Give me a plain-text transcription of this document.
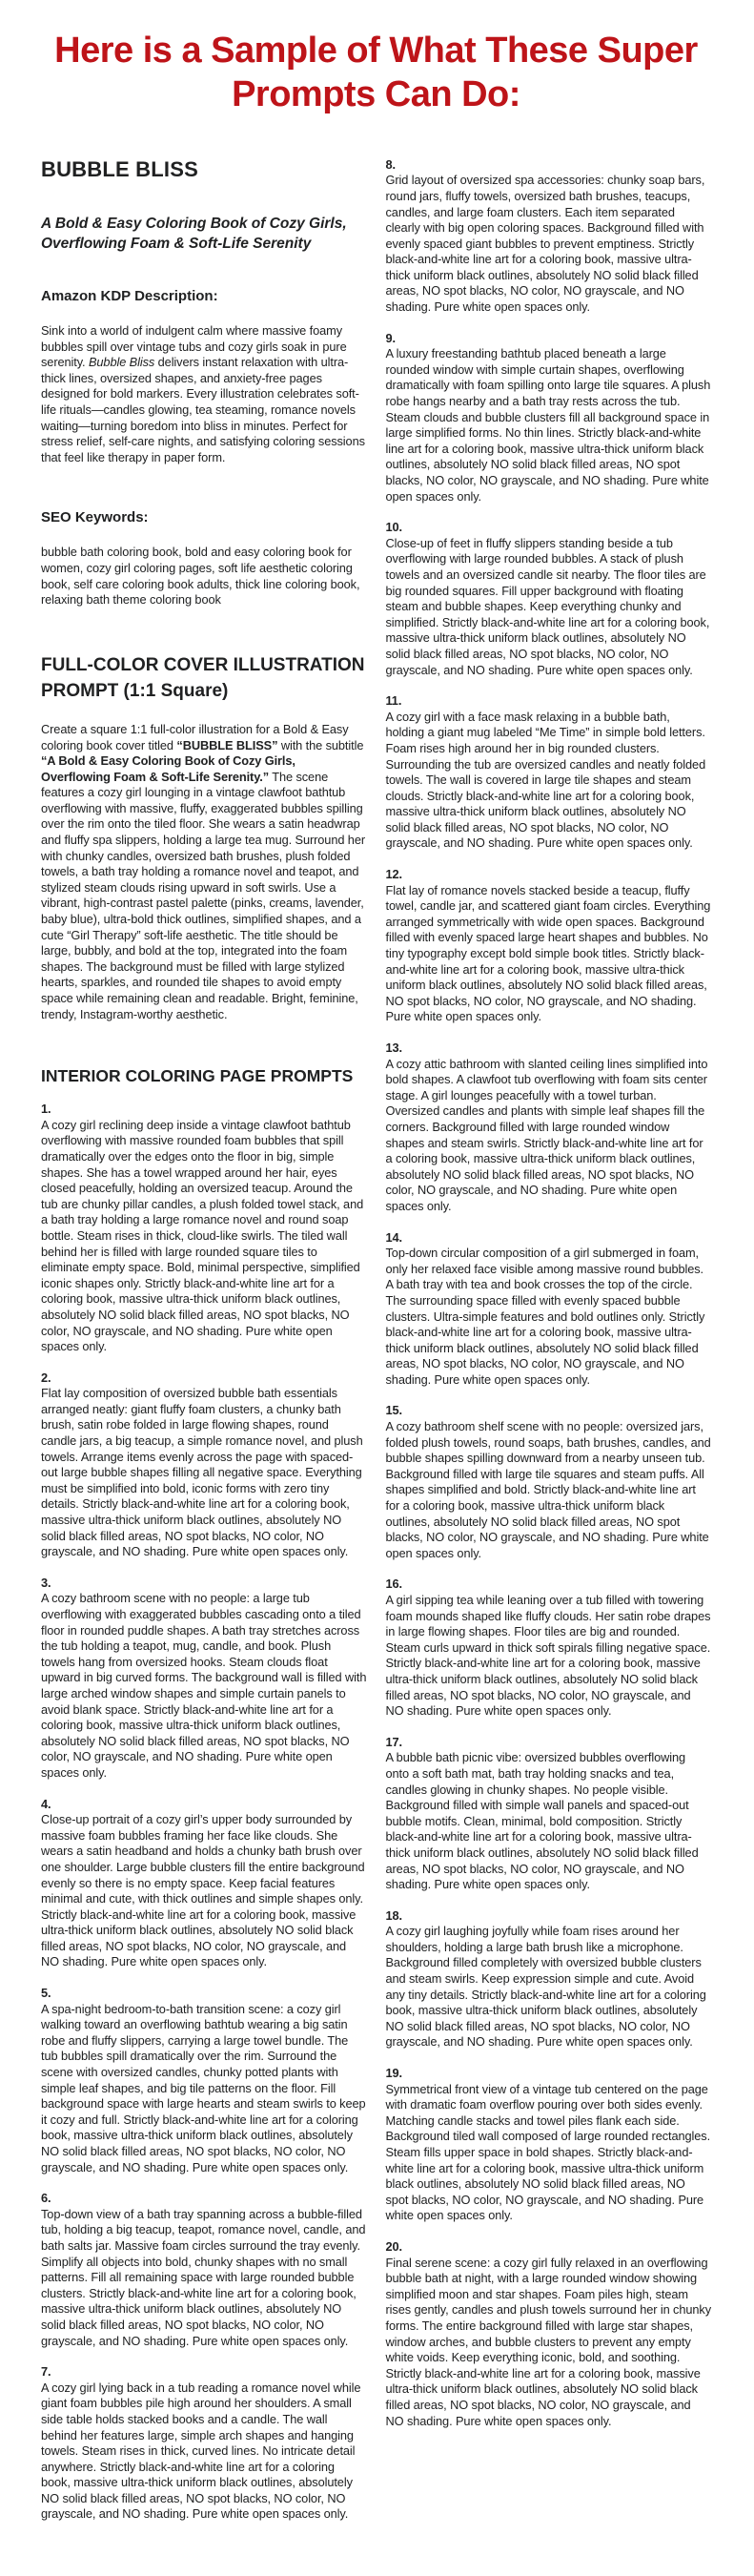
Here is a Sample of What These Super Prompts Can Do:
BUBBLE BLISS
A Bold & Easy Coloring Book of Cozy Girls, Overflowing Foam & Soft-Life Serenity
Amazon KDP Description:

Sink into a world of indulgent calm where massive foamy bubbles spill over vintage tubs and cozy girls soak in pure serenity. Bubble Bliss delivers instant relaxation with ultra-thick lines, oversized shapes, and anxiety-free pages designed for bold markers. Every illustration celebrates soft-life rituals—candles glowing, tea steaming, romance novels waiting—turning boredom into bliss in minutes. Perfect for stress relief, self-care nights, and satisfying coloring sessions that feel like therapy in paper form.

SEO Keywords:

bubble bath coloring book, bold and easy coloring book for women, cozy girl coloring pages, soft life aesthetic coloring book, self care coloring book adults, thick line coloring book, relaxing bath theme coloring book

FULL-COLOR COVER ILLUSTRATION PROMPT (1:1 Square)

Create a square 1:1 full-color illustration for a Bold & Easy coloring book cover titled “BUBBLE BLISS” with the subtitle “A Bold & Easy Coloring Book of Cozy Girls, Overflowing Foam & Soft-Life Serenity.” The scene features a cozy girl lounging in a vintage clawfoot bathtub overflowing with massive, fluffy, exaggerated bubbles spilling over the rim onto the tiled floor. She wears a satin headwrap and fluffy spa slippers, holding a large tea mug. Surround her with chunky candles, oversized bath brushes, plush folded towels, a bath tray holding a romance novel and teapot, and stylized steam clouds rising upward in soft swirls. Use a vibrant, high-contrast pastel palette (pinks, creams, lavender, baby blue), ultra-bold thick outlines, simplified shapes, and a cute “Girl Therapy” soft-life aesthetic. The title should be large, bubbly, and bold at the top, integrated into the foam shapes. The background must be filled with large stylized hearts, sparkles, and rounded tile shapes to avoid empty space while remaining clean and readable. Bright, feminine, trendy, Instagram-worthy aesthetic.

INTERIOR COLORING PAGE PROMPTS
1.
A cozy girl reclining deep inside a vintage clawfoot bathtub overflowing with massive rounded foam bubbles that spill dramatically over the edges onto the floor in big, simple shapes. She has a towel wrapped around her hair, eyes closed peacefully, holding an oversized teacup. Around the tub are chunky pillar candles, a plush folded towel stack, and a bath tray holding a large romance novel and round soap bottle. Steam rises in thick, cloud-like swirls. The tiled wall behind her is filled with large rounded square tiles to eliminate empty space. Bold, minimal perspective, simplified iconic shapes only. Strictly black-and-white line art for a coloring book, massive ultra-thick uniform black outlines, absolutely NO solid black filled areas, NO spot blacks, NO color, NO grayscale, and NO shading. Pure white open spaces only.
2.
Flat lay composition of oversized bubble bath essentials arranged neatly: giant fluffy foam clusters, a chunky bath brush, satin robe folded in large flowing shapes, round candle jars, a big teacup, a simple romance novel, and plush towels. Arrange items evenly across the page with spaced-out large bubble shapes filling all negative space. Everything must be simplified into bold, iconic forms with zero tiny details. Strictly black-and-white line art for a coloring book, massive ultra-thick uniform black outlines, absolutely NO solid black filled areas, NO spot blacks, NO color, NO grayscale, and NO shading. Pure white open spaces only.
3.
A cozy bathroom scene with no people: a large tub overflowing with exaggerated bubbles cascading onto a tiled floor in rounded puddle shapes. A bath tray stretches across the tub holding a teapot, mug, candle, and book. Plush towels hang from oversized hooks. Steam clouds float upward in big curved forms. The background wall is filled with large arched window shapes and simple curtain panels to avoid blank space. Strictly black-and-white line art for a coloring book, massive ultra-thick uniform black outlines, absolutely NO solid black filled areas, NO spot blacks, NO color, NO grayscale, and NO shading. Pure white open spaces only.
4.
Close-up portrait of a cozy girl’s upper body surrounded by massive foam bubbles framing her face like clouds. She wears a satin headband and holds a chunky bath brush over one shoulder. Large bubble clusters fill the entire background evenly so there is no empty space. Keep facial features minimal and cute, with thick outlines and simple shapes only. Strictly black-and-white line art for a coloring book, massive ultra-thick uniform black outlines, absolutely NO solid black filled areas, NO spot blacks, NO color, NO grayscale, and NO shading. Pure white open spaces only.
5.
A spa-night bedroom-to-bath transition scene: a cozy girl walking toward an overflowing bathtub wearing a big satin robe and fluffy slippers, carrying a large towel bundle. The tub bubbles spill dramatically over the rim. Surround the scene with oversized candles, chunky potted plants with simple leaf shapes, and big tile patterns on the floor. Fill background space with large hearts and steam swirls to keep it cozy and full. Strictly black-and-white line art for a coloring book, massive ultra-thick uniform black outlines, absolutely NO solid black filled areas, NO spot blacks, NO color, NO grayscale, and NO shading. Pure white open spaces only.
6.
Top-down view of a bath tray spanning across a bubble-filled tub, holding a big teacup, teapot, romance novel, candle, and bath salts jar. Massive foam circles surround the tray evenly. Simplify all objects into bold, chunky shapes with no small patterns. Fill all remaining space with large rounded bubble clusters. Strictly black-and-white line art for a coloring book, massive ultra-thick uniform black outlines, absolutely NO solid black filled areas, NO spot blacks, NO color, NO grayscale, and NO shading. Pure white open spaces only.
7.
A cozy girl lying back in a tub reading a romance novel while giant foam bubbles pile high around her shoulders. A small side table holds stacked books and a candle. The wall behind her features large, simple arch shapes and hanging towels. Steam rises in thick, curved lines. No intricate detail anywhere. Strictly black-and-white line art for a coloring book, massive ultra-thick uniform black outlines, absolutely NO solid black filled areas, NO spot blacks, NO color, NO grayscale, and NO shading. Pure white open spaces only.
8.
Grid layout of oversized spa accessories: chunky soap bars, round jars, fluffy towels, oversized bath brushes, teacups, candles, and large foam clusters. Each item separated clearly with big open coloring spaces. Background filled with evenly spaced giant bubbles to prevent emptiness. Strictly black-and-white line art for a coloring book, massive ultra-thick uniform black outlines, absolutely NO solid black filled areas, NO spot blacks, NO color, NO grayscale, and NO shading. Pure white open spaces only.
9.
A luxury freestanding bathtub placed beneath a large rounded window with simple curtain shapes, overflowing dramatically with foam spilling onto large tile squares. A plush robe hangs nearby and a bath tray rests across the tub. Steam clouds and bubble clusters fill all background space in large simplified forms. No thin lines. Strictly black-and-white line art for a coloring book, massive ultra-thick uniform black outlines, absolutely NO solid black filled areas, NO spot blacks, NO color, NO grayscale, and NO shading. Pure white open spaces only.
10.
Close-up of feet in fluffy slippers standing beside a tub overflowing with large rounded bubbles. A stack of plush towels and an oversized candle sit nearby. The floor tiles are big rounded squares. Fill upper background with floating steam and bubble shapes. Keep everything chunky and simplified. Strictly black-and-white line art for a coloring book, massive ultra-thick uniform black outlines, absolutely NO solid black filled areas, NO spot blacks, NO color, NO grayscale, and NO shading. Pure white open spaces only.
11.
A cozy girl with a face mask relaxing in a bubble bath, holding a giant mug labeled “Me Time” in simple bold letters. Foam rises high around her in big rounded clusters. Surrounding the tub are oversized candles and neatly folded towels. The wall is covered in large tile shapes and steam clouds. Strictly black-and-white line art for a coloring book, massive ultra-thick uniform black outlines, absolutely NO solid black filled areas, NO spot blacks, NO color, NO grayscale, and NO shading. Pure white open spaces only.
12.
Flat lay of romance novels stacked beside a teacup, fluffy towel, candle jar, and scattered giant foam circles. Everything arranged symmetrically with wide open spaces. Background filled with evenly spaced large heart shapes and bubbles. No tiny typography except bold simple book titles. Strictly black-and-white line art for a coloring book, massive ultra-thick uniform black outlines, absolutely NO solid black filled areas, NO spot blacks, NO color, NO grayscale, and NO shading. Pure white open spaces only.
13.
A cozy attic bathroom with slanted ceiling lines simplified into bold shapes. A clawfoot tub overflowing with foam sits center stage. A girl lounges peacefully with a towel turban. Oversized candles and plants with simple leaf shapes fill the corners. Background filled with large rounded window shapes and steam swirls. Strictly black-and-white line art for a coloring book, massive ultra-thick uniform black outlines, absolutely NO solid black filled areas, NO spot blacks, NO color, NO grayscale, and NO shading. Pure white open spaces only.
14.
Top-down circular composition of a girl submerged in foam, only her relaxed face visible among massive round bubbles. A bath tray with tea and book crosses the top of the circle. The surrounding space filled with evenly spaced bubble clusters. Ultra-simple features and bold outlines only. Strictly black-and-white line art for a coloring book, massive ultra-thick uniform black outlines, absolutely NO solid black filled areas, NO spot blacks, NO color, NO grayscale, and NO shading. Pure white open spaces only.
15.
A cozy bathroom shelf scene with no people: oversized jars, folded plush towels, round soaps, bath brushes, candles, and bubble shapes spilling downward from a nearby unseen tub. Background filled with large tile squares and steam puffs. All shapes simplified and bold. Strictly black-and-white line art for a coloring book, massive ultra-thick uniform black outlines, absolutely NO solid black filled areas, NO spot blacks, NO color, NO grayscale, and NO shading. Pure white open spaces only.
16.
A girl sipping tea while leaning over a tub filled with towering foam mounds shaped like fluffy clouds. Her satin robe drapes in large flowing shapes. Floor tiles are big and rounded. Steam curls upward in thick soft spirals filling negative space. Strictly black-and-white line art for a coloring book, massive ultra-thick uniform black outlines, absolutely NO solid black filled areas, NO spot blacks, NO color, NO grayscale, and NO shading. Pure white open spaces only.
17.
A bubble bath picnic vibe: oversized bubbles overflowing onto a soft bath mat, bath tray holding snacks and tea, candles glowing in chunky shapes. No people visible. Background filled with simple wall panels and spaced-out bubble motifs. Clean, minimal, bold composition. Strictly black-and-white line art for a coloring book, massive ultra-thick uniform black outlines, absolutely NO solid black filled areas, NO spot blacks, NO color, NO grayscale, and NO shading. Pure white open spaces only.
18.
A cozy girl laughing joyfully while foam rises around her shoulders, holding a large bath brush like a microphone. Background filled completely with oversized bubble clusters and steam swirls. Keep expression simple and cute. Avoid any tiny details. Strictly black-and-white line art for a coloring book, massive ultra-thick uniform black outlines, absolutely NO solid black filled areas, NO spot blacks, NO color, NO grayscale, and NO shading. Pure white open spaces only.
19.
Symmetrical front view of a vintage tub centered on the page with dramatic foam overflow pouring over both sides evenly. Matching candle stacks and towel piles flank each side. Background tiled wall composed of large rounded rectangles. Steam fills upper space in bold shapes. Strictly black-and-white line art for a coloring book, massive ultra-thick uniform black outlines, absolutely NO solid black filled areas, NO spot blacks, NO color, NO grayscale, and NO shading. Pure white open spaces only.
20.
Final serene scene: a cozy girl fully relaxed in an overflowing bubble bath at night, with a large rounded window showing simplified moon and star shapes. Foam piles high, steam rises gently, candles and plush towels surround her in chunky forms. The entire background filled with large star shapes, window arches, and bubble clusters to prevent any empty white voids. Keep everything iconic, bold, and soothing. Strictly black-and-white line art for a coloring book, massive ultra-thick uniform black outlines, absolutely NO solid black filled areas, NO spot blacks, NO color, NO grayscale, and NO shading. Pure white open spaces only.
